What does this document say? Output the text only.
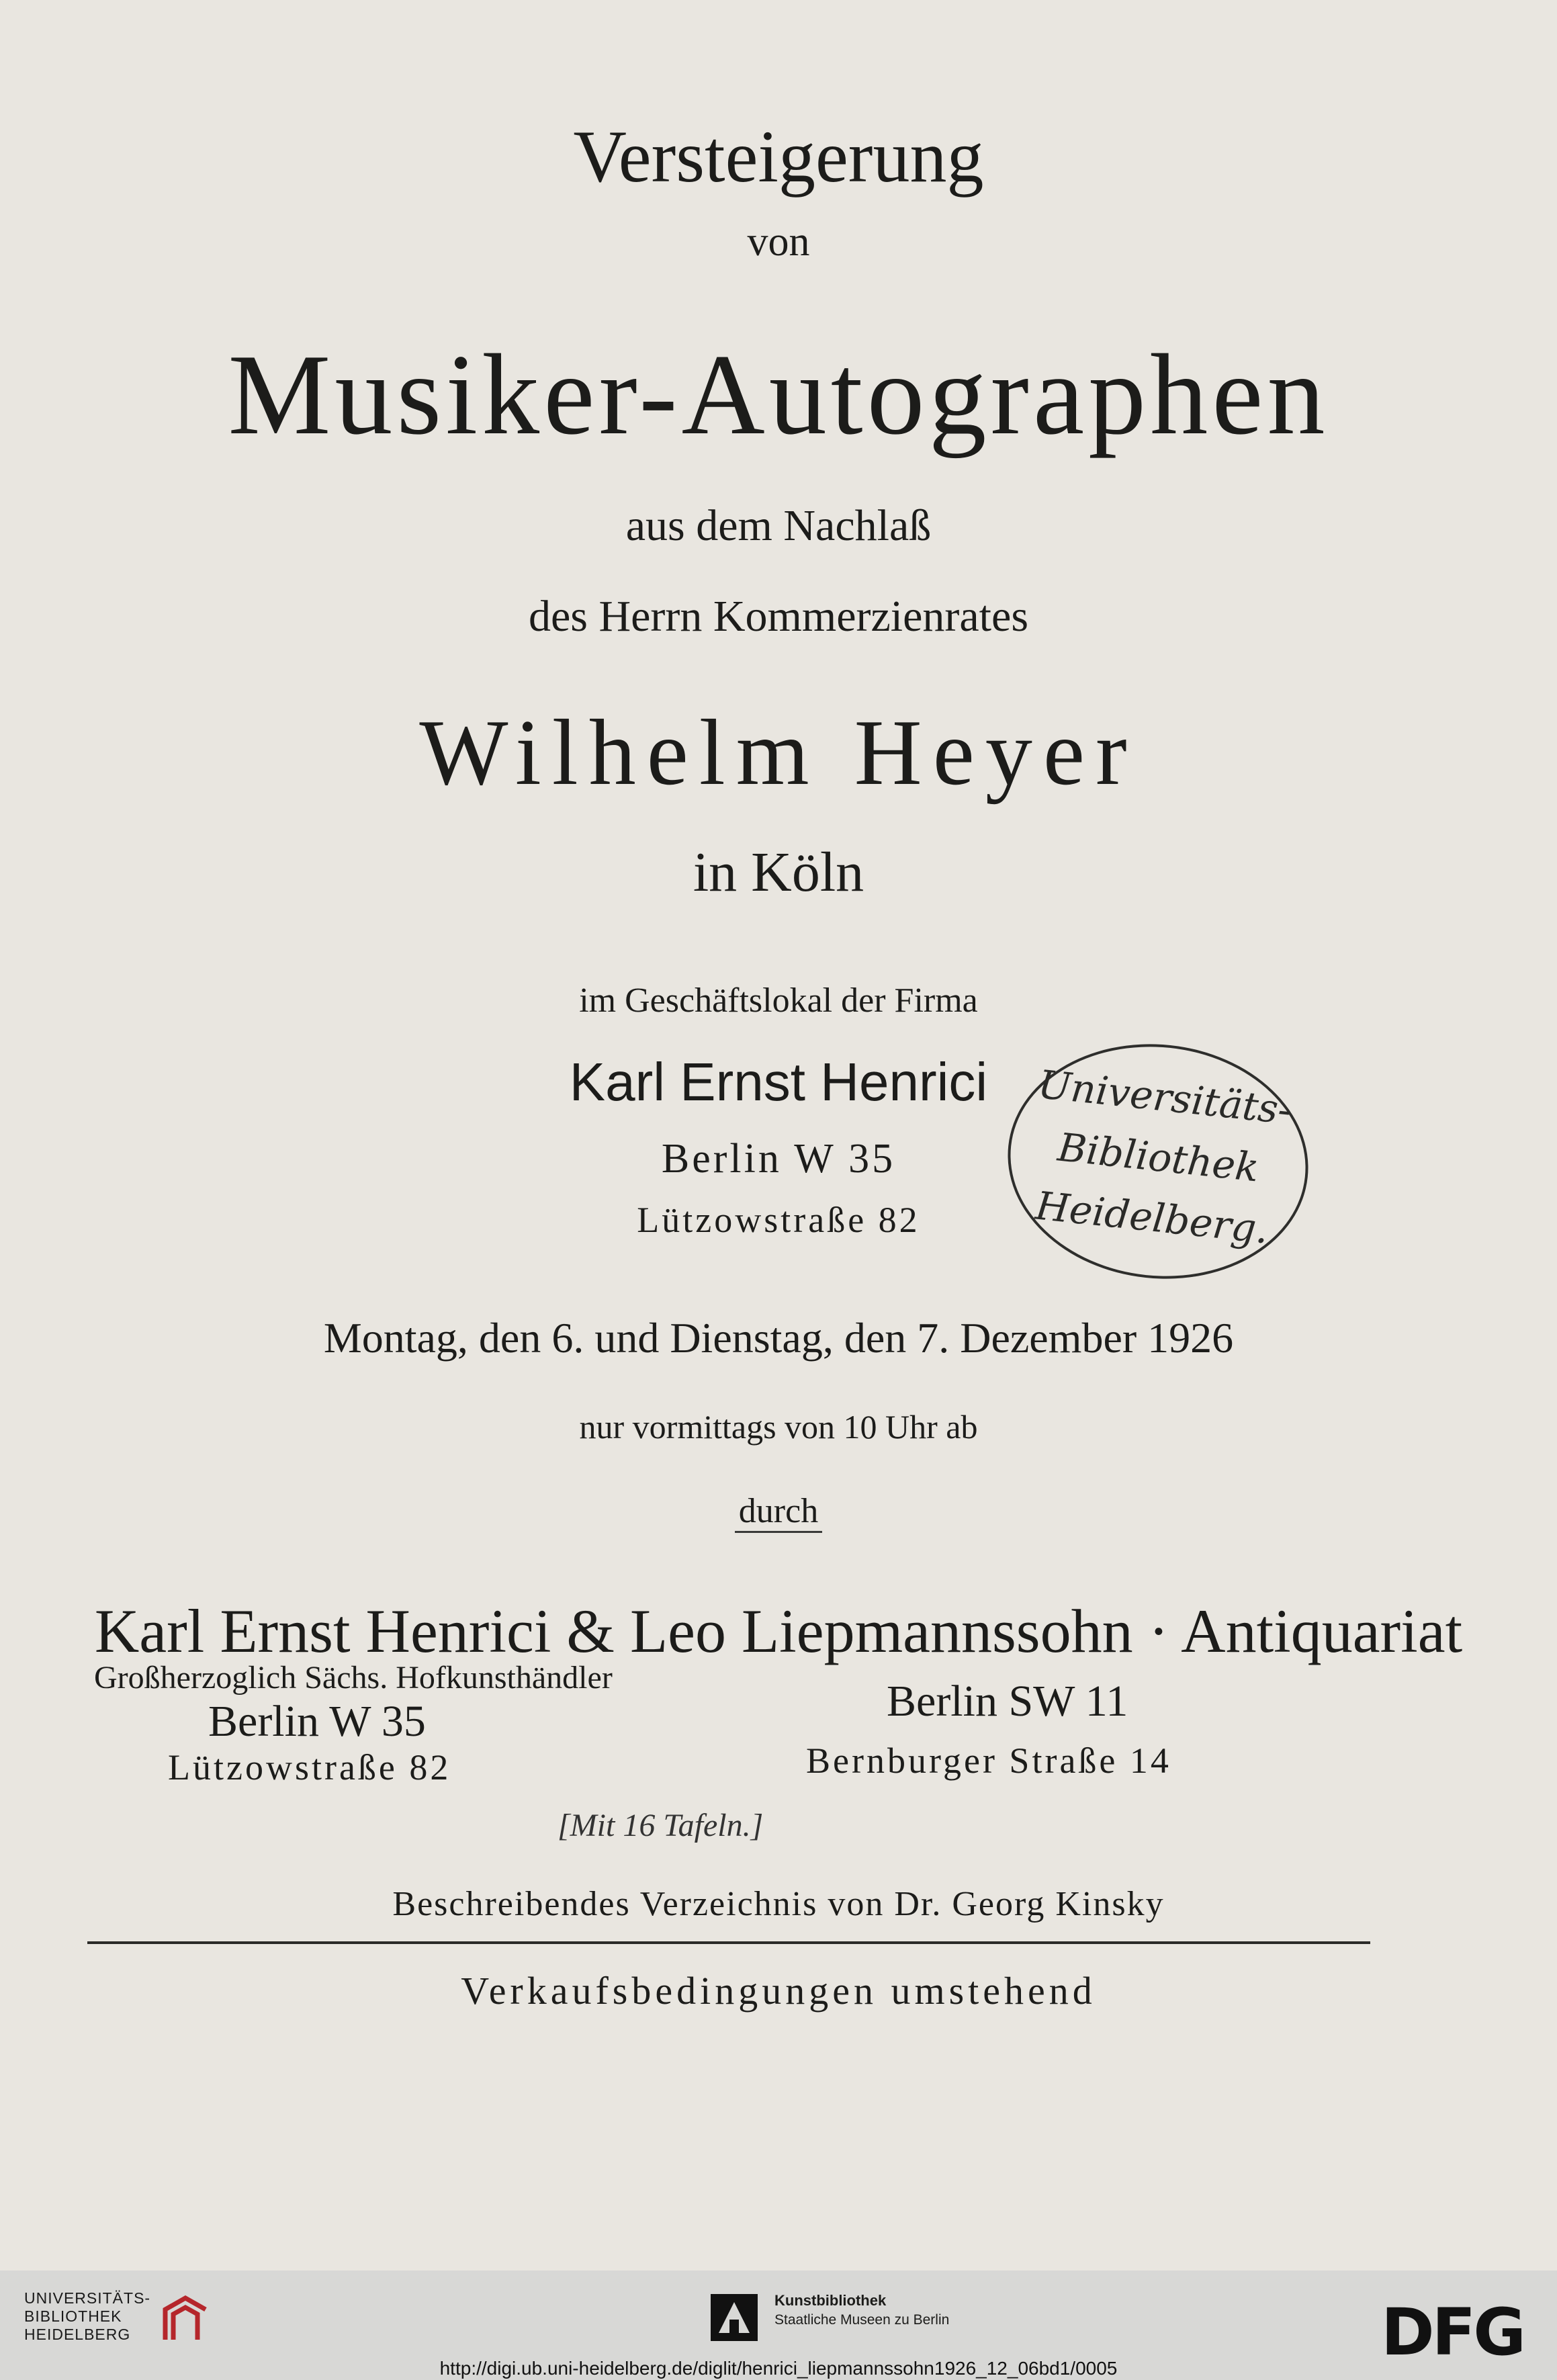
Versteigerung
von
Musiker-Autographen
aus dem Nachlaß
des Herrn Kommerzienrates
Wilhelm Heyer
in Köln
im Geschäftslokal der Firma
Karl Ernst Henrici
Berlin W 35
Lützowstraße 82
Universitäts-
Bibliothek
Heidelberg.
Montag, den 6. und Dienstag, den 7. Dezember 1926
nur vormittags von 10 Uhr ab
durch
Karl Ernst Henrici & Leo Liepmannssohn · Antiquariat
Großherzoglich Sächs. Hofkunsthändler
Berlin W 35	Berlin SW 11
Lützowstraße 82	Bernburger Straße 14
[Mit 16 Tafeln.]
Beschreibendes Verzeichnis von Dr. Georg Kinsky
Verkaufsbedingungen umstehend
UNIVERSITÄTS-
BIBLIOTHEK
HEIDELBERG
Kunstbibliothek
Staatliche Museen zu Berlin	DFG
http://digi.ub.uni-heidelberg.de/diglit/henrici_liepmannssohn1926_12_06bd1/0005
